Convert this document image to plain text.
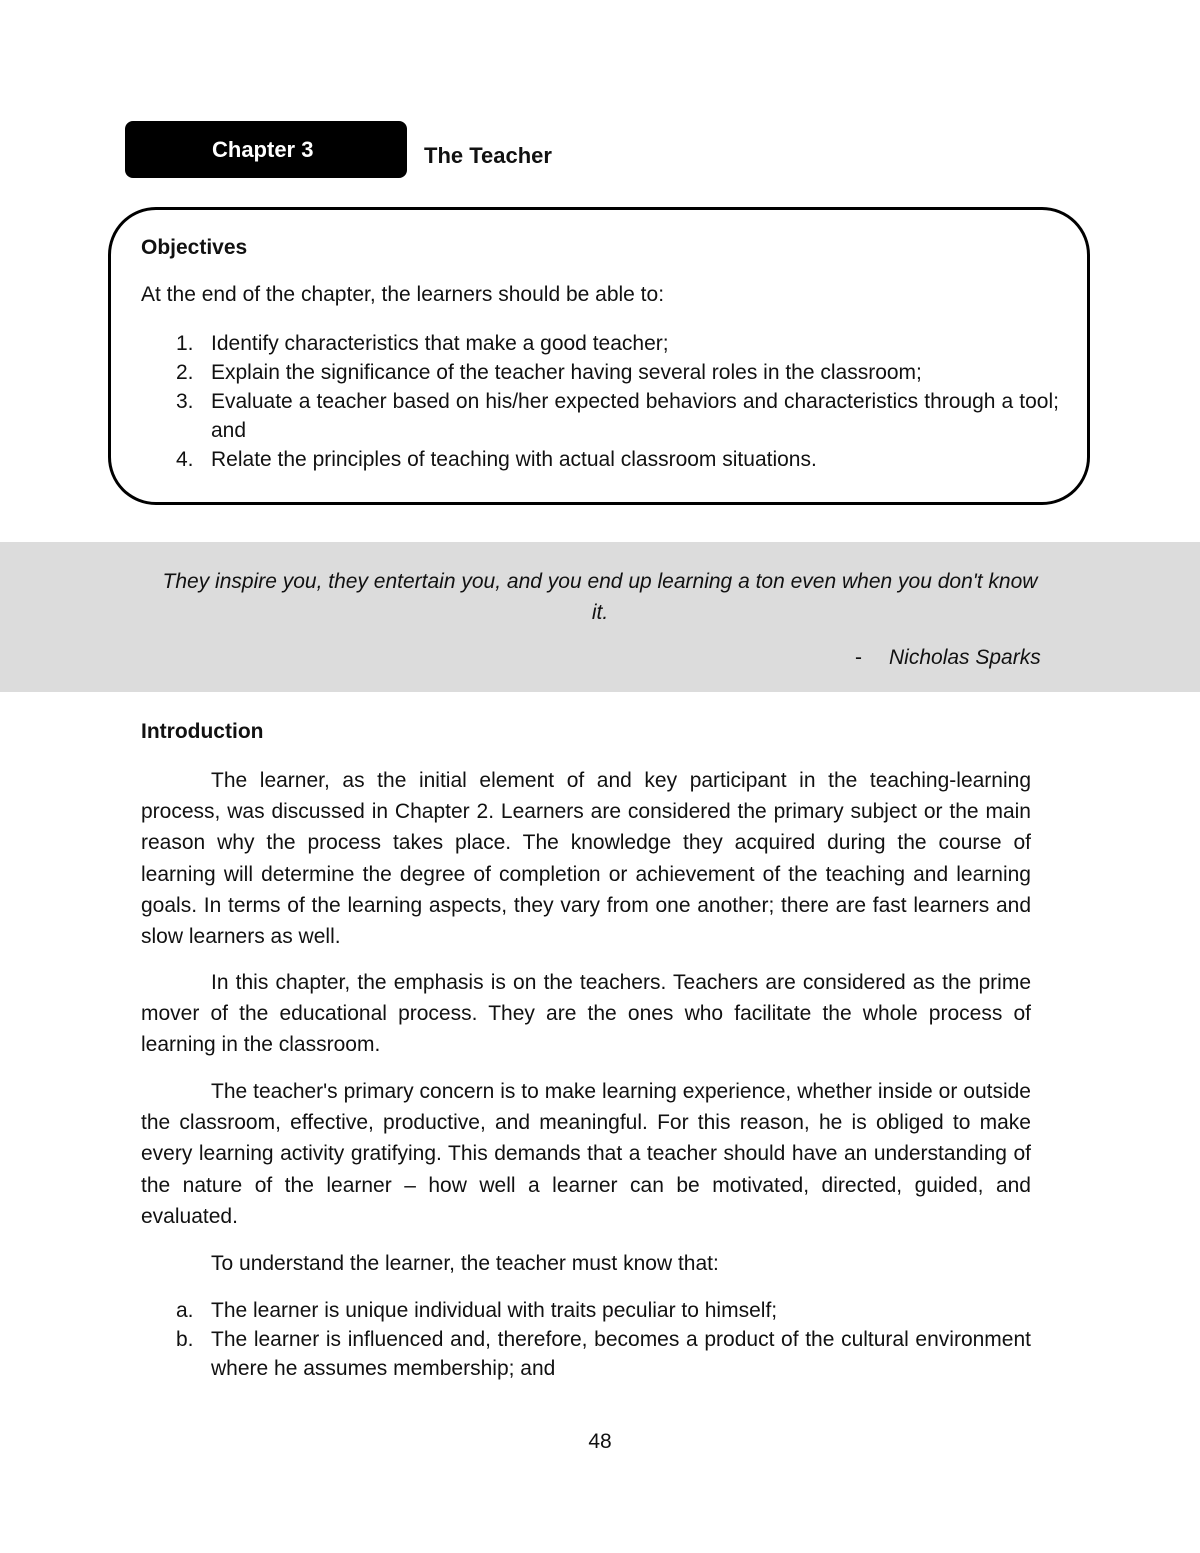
Chapter 3	The Teacher
Objectives
At the end of the chapter, the learners should be able to:
1. Identify characteristics that make a good teacher;
2. Explain the significance of the teacher having several roles in the classroom;
3. Evaluate a teacher based on his/her expected behaviors and characteristics through a tool; and
4. Relate the principles of teaching with actual classroom situations.
They inspire you, they entertain you, and you end up learning a ton even when you don't know it.
- Nicholas Sparks
Introduction

The learner, as the initial element of and key participant in the teaching-learning process, was discussed in Chapter 2. Learners are considered the primary subject or the main reason why the process takes place. The knowledge they acquired during the course of learning will determine the degree of completion or achievement of the teaching and learning goals. In terms of the learning aspects, they vary from one another; there are fast learners and slow learners as well.

In this chapter, the emphasis is on the teachers. Teachers are considered as the prime mover of the educational process. They are the ones who facilitate the whole process of learning in the classroom.

The teacher's primary concern is to make learning experience, whether inside or outside the classroom, effective, productive, and meaningful. For this reason, he is obliged to make every learning activity gratifying. This demands that a teacher should have an understanding of the nature of the learner – how well a learner can be motivated, directed, guided, and evaluated.

To understand the learner, the teacher must know that:

a. The learner is unique individual with traits peculiar to himself;
b. The learner is influenced and, therefore, becomes a product of the cultural environment where he assumes membership; and
48
